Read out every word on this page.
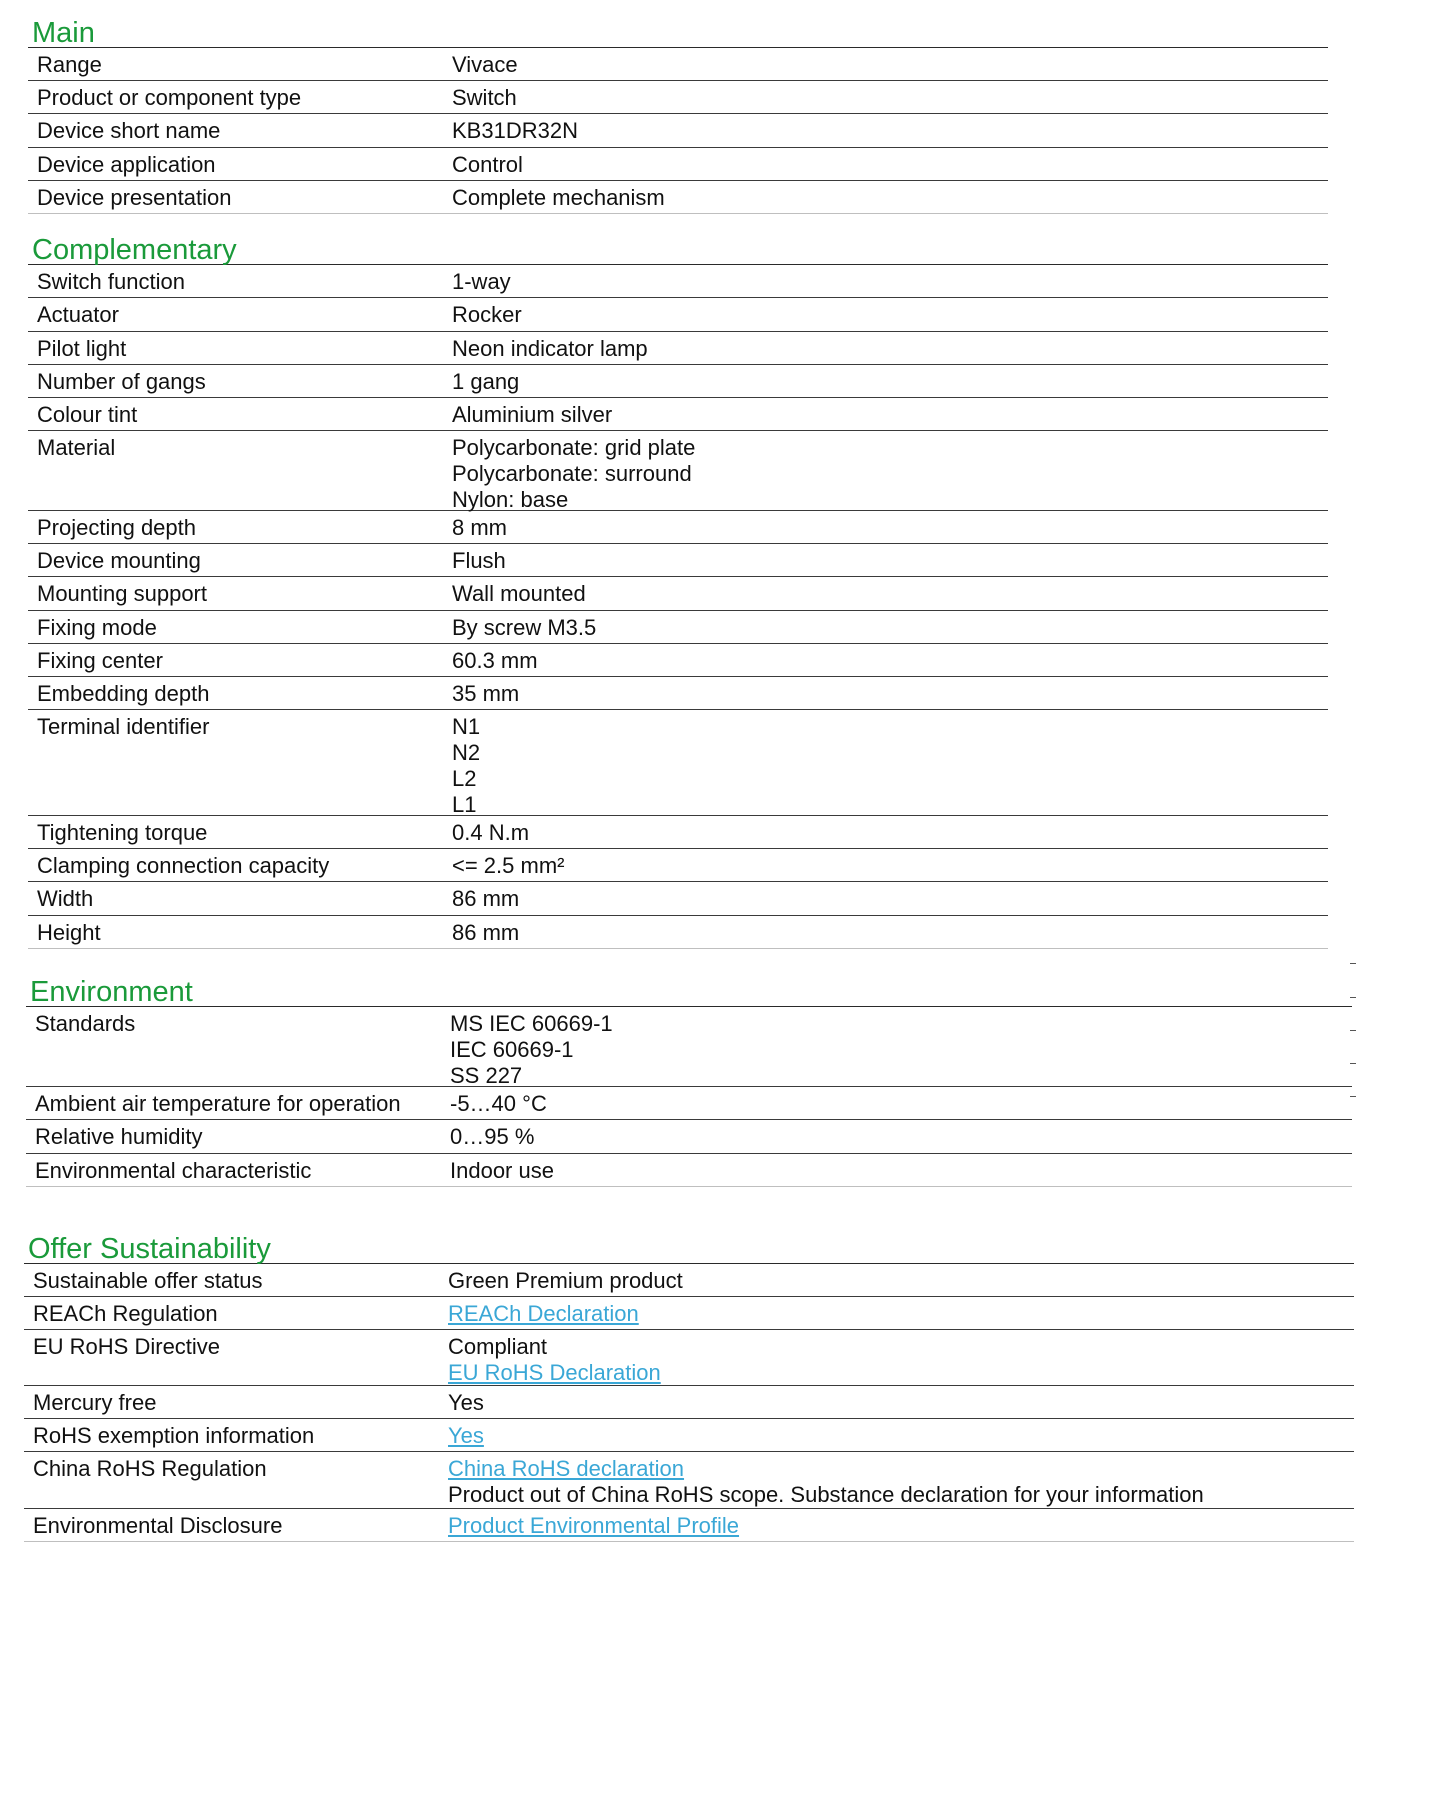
Main
Range	Vivace
Product or component type	Switch
Device short name	KB31DR32N
Device application	Control
Device presentation	Complete mechanism
Complementary
Switch function	1-way
Actuator	Rocker
Pilot light	Neon indicator lamp
Number of gangs	1 gang
Colour tint	Aluminium silver
Material	Polycarbonate: grid plate
Polycarbonate: surround
Nylon: base
Projecting depth	8 mm
Device mounting	Flush
Mounting support	Wall mounted
Fixing mode	By screw M3.5
Fixing center	60.3 mm
Embedding depth	35 mm
Terminal identifier	N1
N2
L2
L1
Tightening torque	0.4 N.m
Clamping connection capacity	<= 2.5 mm²
Width	86 mm
Height	86 mm
Environment
Standards	MS IEC 60669-1
IEC 60669-1
SS 227
Ambient air temperature for operation	-5…40 °C
Relative humidity	0…95 %
Environmental characteristic	Indoor use
Offer Sustainability
Sustainable offer status	Green Premium product
REACh Regulation	REACh Declaration
EU RoHS Directive	Compliant
EU RoHS Declaration
Mercury free	Yes
RoHS exemption information	Yes
China RoHS Regulation	China RoHS declaration
Product out of China RoHS scope. Substance declaration for your information
Environmental Disclosure	Product Environmental Profile
